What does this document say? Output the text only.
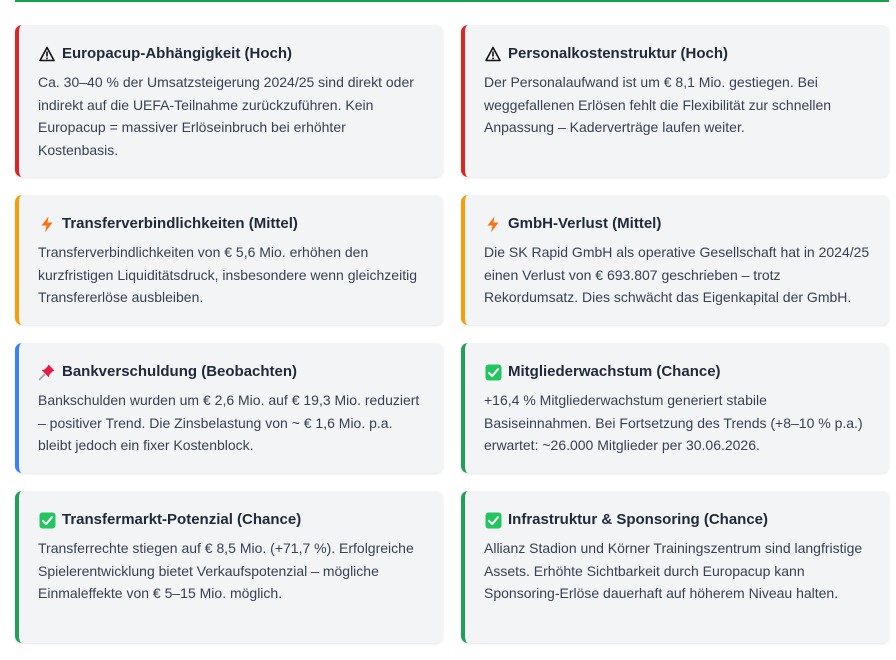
Europacup-Abhängigkeit (Hoch)

Ca. 30–40 % der Umsatzsteigerung 2024/25 sind direkt oder indirekt auf die UEFA-Teilnahme zurückzuführen. Kein Europacup = massiver Erlöseinbruch bei erhöhter Kostenbasis.

Personalkostenstruktur (Hoch)

Der Personalaufwand ist um € 8,1 Mio. gestiegen. Bei weggefallenen Erlösen fehlt die Flexibilität zur schnellen Anpassung – Kaderverträge laufen weiter.

Transferverbindlichkeiten (Mittel)

Transferverbindlichkeiten von € 5,6 Mio. erhöhen den kurzfristigen Liquiditätsdruck, insbesondere wenn gleichzeitig Transfererlöse ausbleiben.

GmbH-Verlust (Mittel)

Die SK Rapid GmbH als operative Gesellschaft hat in 2024/25 einen Verlust von € 693.807 geschrieben – trotz Rekordumsatz. Dies schwächt das Eigenkapital der GmbH.

Bankverschuldung (Beobachten)

Bankschulden wurden um € 2,6 Mio. auf € 19,3 Mio. reduziert – positiver Trend. Die Zinsbelastung von ~ € 1,6 Mio. p.a. bleibt jedoch ein fixer Kostenblock.

Mitgliederwachstum (Chance)

+16,4 % Mitgliederwachstum generiert stabile Basiseinnahmen. Bei Fortsetzung des Trends (+8–10 % p.a.) erwartet: ~26.000 Mitglieder per 30.06.2026.

Transfermarkt-Potenzial (Chance)

Transferrechte stiegen auf € 8,5 Mio. (+71,7 %). Erfolgreiche Spielerentwicklung bietet Verkaufspotenzial – mögliche Einmaleffekte von € 5–15 Mio. möglich.

Infrastruktur & Sponsoring (Chance)

Allianz Stadion und Körner Trainingszentrum sind langfristige Assets. Erhöhte Sichtbarkeit durch Europacup kann Sponsoring-Erlöse dauerhaft auf höherem Niveau halten.
